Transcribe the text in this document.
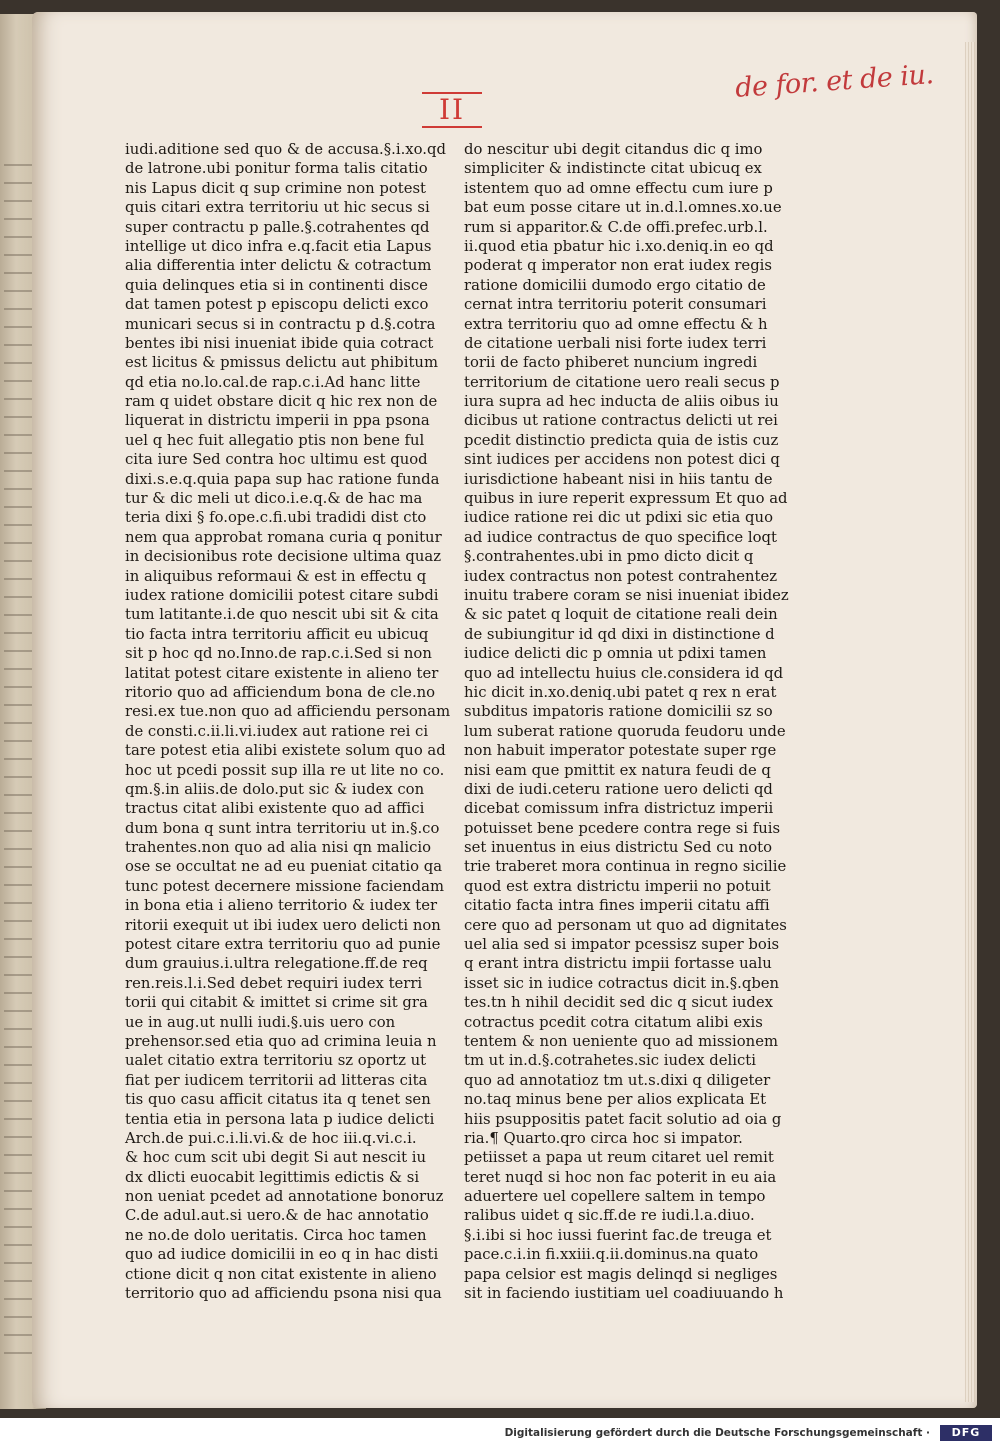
de for. et de iu.
II
iudi.aditione sed quo & de accusa.§.i.xo.qd
de latrone.ubi ponitur forma talis citatio
nis Lapus dicit q sup crimine non potest
quis citari extra territoriu ut hic secus si
super contractu p palle.§.cotrahentes qd
intellige ut dico infra e.q.facit etia Lapus
alia differentia inter delictu & cotractum
quia delinques etia si in continenti disce
dat tamen potest p episcopu delicti exco
municari secus si in contractu p d.§.cotra
bentes ibi nisi inueniat ibide quia cotract
est licitus & pmissus delictu aut phibitum
qd etia no.lo.cal.de rap.c.i.Ad hanc litte
ram q uidet obstare dicit q hic rex non de
liquerat in districtu imperii in ppa psona
uel q hec fuit allegatio ptis non bene ful
cita iure Sed contra hoc ultimu est quod
dixi.s.e.q.quia papa sup hac ratione funda
tur & dic meli ut dico.i.e.q.& de hac ma
teria dixi § fo.ope.c.fi.ubi tradidi dist cto
nem qua approbat romana curia q ponitur
in decisionibus rote decisione ultima quaz
in aliquibus reformaui & est in effectu q
iudex ratione domicilii potest citare subdi
tum latitante.i.de quo nescit ubi sit & cita
tio facta intra territoriu afficit eu ubicuq
sit p hoc qd no.Inno.de rap.c.i.Sed si non
latitat potest citare existente in alieno ter
ritorio quo ad afficiendum bona de cle.no
resi.ex tue.non quo ad afficiendu personam
de consti.c.ii.li.vi.iudex aut ratione rei ci
tare potest etia alibi existete solum quo ad
hoc ut pcedi possit sup illa re ut lite no co.
qm.§.in aliis.de dolo.put sic & iudex con
tractus citat alibi existente quo ad affici
dum bona q sunt intra territoriu ut in.§.co
trahentes.non quo ad alia nisi qn malicio
ose se occultat ne ad eu pueniat citatio qa
tunc potest decernere missione faciendam
in bona etia i alieno territorio & iudex ter
ritorii exequit ut ibi iudex uero delicti non
potest citare extra territoriu quo ad punie
dum grauius.i.ultra relegatione.ff.de req
ren.reis.l.i.Sed debet requiri iudex terri
torii qui citabit & imittet si crime sit gra
ue in aug.ut nulli iudi.§.uis uero con
prehensor.sed etia quo ad crimina leuia n
ualet citatio extra territoriu sz oportz ut
fiat per iudicem territorii ad litteras cita
tis quo casu afficit citatus ita q tenet sen
tentia etia in persona lata p iudice delicti
Arch.de pui.c.i.li.vi.& de hoc iii.q.vi.c.i.
& hoc cum scit ubi degit Si aut nescit iu
dx dlicti euocabit legittimis edictis & si
non ueniat pcedet ad annotatione bonoruz
C.de adul.aut.si uero.& de hac annotatio
ne no.de dolo ueritatis. Circa hoc tamen
quo ad iudice domicilii in eo q in hac disti
ctione dicit q non citat existente in alieno
territorio quo ad afficiendu psona nisi qua
do nescitur ubi degit citandus dic q imo
simpliciter & indistincte citat ubicuq ex
istentem quo ad omne effectu cum iure p
bat eum posse citare ut in.d.l.omnes.xo.ue
rum si apparitor.& C.de offi.prefec.urb.l.
ii.quod etia pbatur hic i.xo.deniq.in eo qd
poderat q imperator non erat iudex regis
ratione domicilii dumodo ergo citatio de
cernat intra territoriu poterit consumari
extra territoriu quo ad omne effectu & h
de citatione uerbali nisi forte iudex terri
torii de facto phiberet nuncium ingredi
territorium de citatione uero reali secus p
iura supra ad hec inducta de aliis oibus iu
dicibus ut ratione contractus delicti ut rei
pcedit distinctio predicta quia de istis cuz
sint iudices per accidens non potest dici q
iurisdictione habeant nisi in hiis tantu de
quibus in iure reperit expressum Et quo ad
iudice ratione rei dic ut pdixi sic etia quo
ad iudice contractus de quo specifice loqt
§.contrahentes.ubi in pmo dicto dicit q
iudex contractus non potest contrahentez
inuitu trabere coram se nisi inueniat ibidez
& sic patet q loquit de citatione reali dein
de subiungitur id qd dixi in distinctione d
iudice delicti dic p omnia ut pdixi tamen
quo ad intellectu huius cle.considera id qd
hic dicit in.xo.deniq.ubi patet q rex n erat
subditus impatoris ratione domicilii sz so
lum suberat ratione quoruda feudoru unde
non habuit imperator potestate super rge
nisi eam que pmittit ex natura feudi de q
dixi de iudi.ceteru ratione uero delicti qd
dicebat comissum infra districtuz imperii
potuisset bene pcedere contra rege si fuis
set inuentus in eius districtu Sed cu noto
trie traberet mora continua in regno sicilie
quod est extra districtu imperii no potuit
citatio facta intra fines imperii citatu affi
cere quo ad personam ut quo ad dignitates
uel alia sed si impator pcessisz super bois
q erant intra districtu impii fortasse ualu
isset sic in iudice cotractus dicit in.§.qben
tes.tn h nihil decidit sed dic q sicut iudex
cotractus pcedit cotra citatum alibi exis
tentem & non ueniente quo ad missionem
tm ut in.d.§.cotrahetes.sic iudex delicti
quo ad annotatioz tm ut.s.dixi q diligeter
no.taq minus bene per alios explicata Et
hiis psuppositis patet facit solutio ad oia g
ria.¶ Quarto.qro circa hoc si impator.
petiisset a papa ut reum citaret uel remit
teret nuqd si hoc non fac poterit in eu aia
aduertere uel copellere saltem in tempo
ralibus uidet q sic.ff.de re iudi.l.a.diuo.
§.i.ibi si hoc iussi fuerint fac.de treuga et
pace.c.i.in fi.xxiii.q.ii.dominus.na quato
papa celsior est magis delinqd si negliges
sit in faciendo iustitiam uel coadiuuando h
Digitalisierung gefördert durch die Deutsche Forschungsgemeinschaft ·	DFG
